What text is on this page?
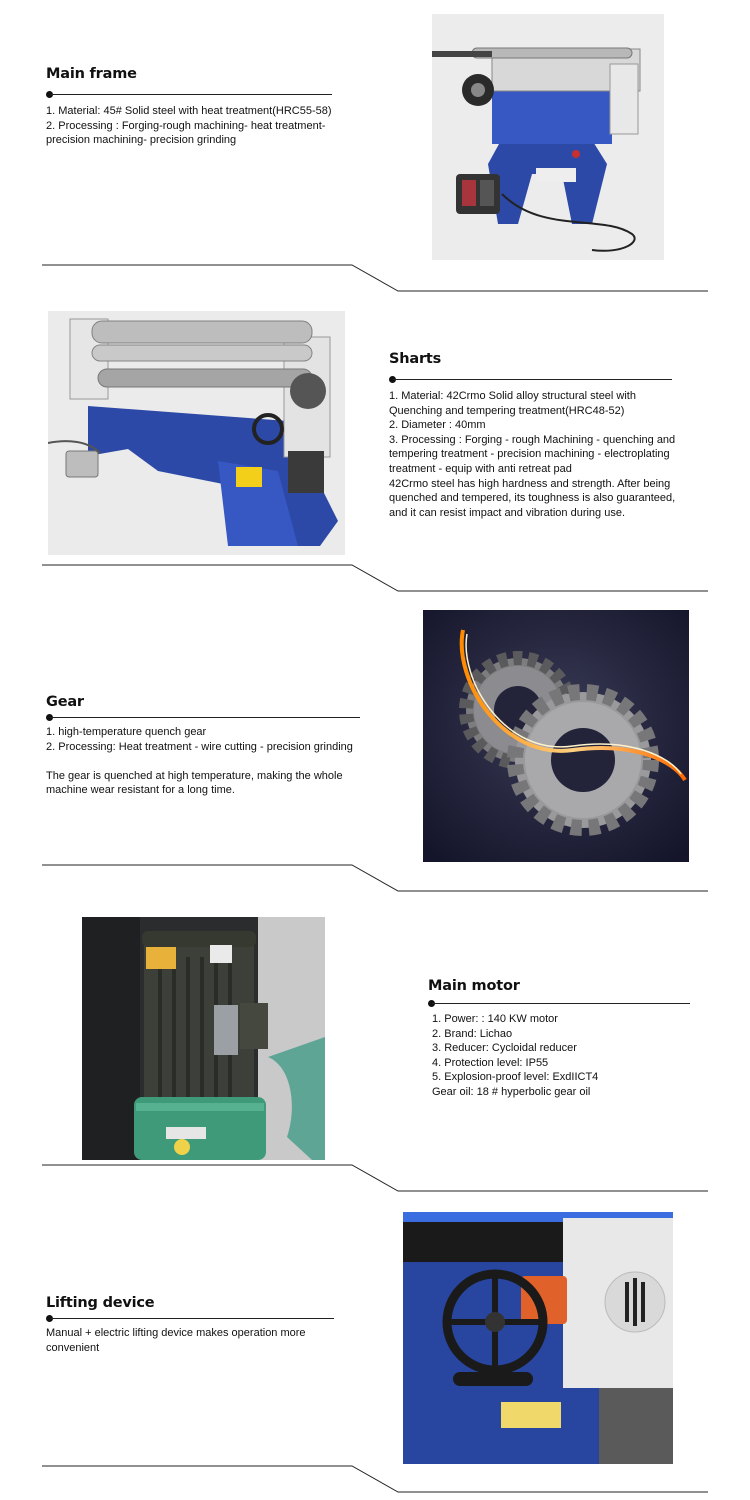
Main frame

1. Material: 45# Solid steel with heat treatment(HRC55-58)

2. Processing : Forging-rough machining- heat treatment-precision machining- precision grinding

Sharts

1. Material: 42Crmo Solid alloy structural steel with Quenching and tempering treatment(HRC48-52)

2. Diameter : 40mm

3. Processing : Forging - rough Machining - quenching and tempering treatment - precision machining - electroplating treatment - equip with anti retreat pad

42Crmo steel has high hardness and strength. After being quenched and tempered, its toughness is also guaranteed, and it can resist impact and vibration during use.

Gear

1. high-temperature quench gear

2. Processing: Heat treatment - wire cutting - precision grinding

The gear is quenched at high temperature, making the whole machine wear resistant for a long time.

Main motor

1. Power: : 140 KW motor

2. Brand: Lichao

3. Reducer: Cycloidal reducer

4. Protection level: IP55

5. Explosion-proof level: ExdIICT4

Gear oil: 18 # hyperbolic gear oil

Lifting device

Manual + electric lifting device makes operation more convenient
